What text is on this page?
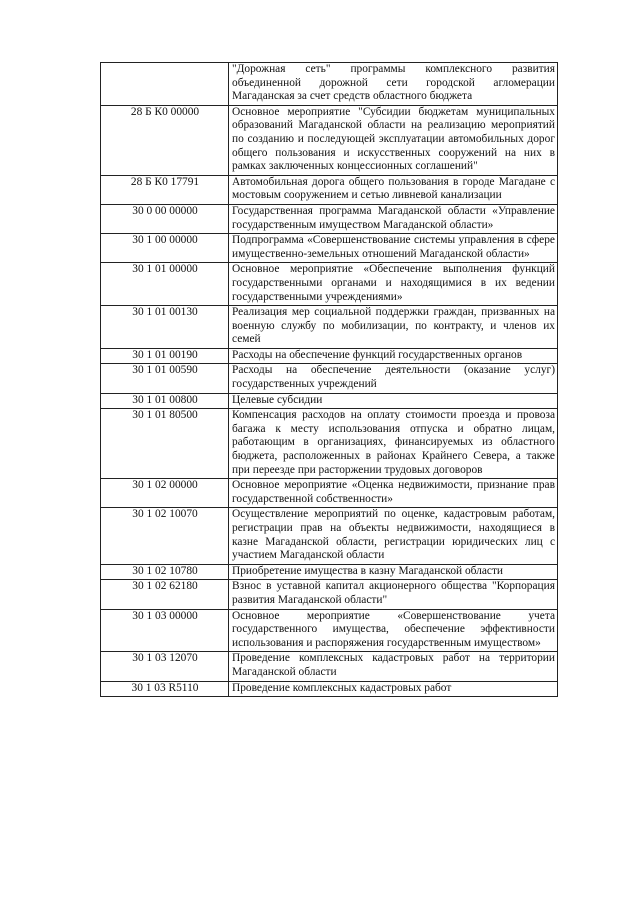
	"Дорожная сеть" программы комплексного развития объединенной дорожной сети городской агломерации Магаданская за счет средств областного бюджета
28 Б К0 00000	Основное мероприятие "Субсидии бюджетам муниципальных образований Магаданской области на реализацию мероприятий по созданию и последующей эксплуатации автомобильных дорог общего пользования и искусственных сооружений на них в рамках заключенных концессионных соглашений"
28 Б К0 17791	Автомобильная дорога общего пользования в городе Магадане с мостовым сооружением и сетью ливневой канализации
30 0 00 00000	Государственная программа Магаданской области «Управление государственным имуществом Магаданской области»
30 1 00 00000	Подпрограмма «Совершенствование системы управления в сфере имущественно-земельных отношений Магаданской области»
30 1 01 00000	Основное мероприятие «Обеспечение выполнения функций государственными органами и находящимися в их ведении государственными учреждениями»
30 1 01 00130	Реализация мер социальной поддержки граждан, призванных на военную службу по мобилизации, по контракту, и членов их семей
30 1 01 00190	Расходы на обеспечение функций государственных органов
30 1 01 00590	Расходы на обеспечение деятельности (оказание услуг) государственных учреждений
30 1 01 00800	Целевые субсидии
30 1 01 80500	Компенсация расходов на оплату стоимости проезда и провоза багажа к месту использования отпуска и обратно лицам, работающим в организациях, финансируемых из областного бюджета, расположенных в районах Крайнего Севера, а также при переезде при расторжении трудовых договоров
30 1 02 00000	Основное мероприятие «Оценка недвижимости, признание прав государственной собственности»
30 1 02 10070	Осуществление мероприятий по оценке, кадастровым работам, регистрации прав на объекты недвижимости, находящиеся в казне Магаданской области, регистрации юридических лиц с участием Магаданской области
30 1 02 10780	Приобретение имущества в казну Магаданской области
30 1 02 62180	Взнос в уставной капитал акционерного общества "Корпорация развития Магаданской области"
30 1 03 00000	Основное мероприятие «Совершенствование учета государственного имущества, обеспечение эффективности использования и распоряжения государственным имуществом»
30 1 03 12070	Проведение комплексных кадастровых работ на территории Магаданской области
30 1 03 R5110	Проведение комплексных кадастровых работ
